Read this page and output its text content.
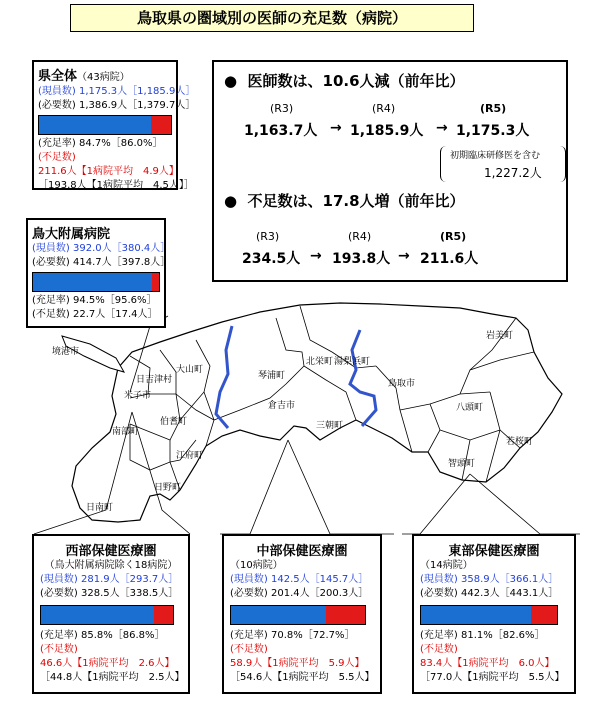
鳥取県の圏域別の医師の充足数（病院）
境港市
日吉津村
米子市
大山町
琴浦町
北栄町 湯梨浜町
鳥取市
岩美町
南部町
伯耆町
倉吉市
三朝町
八頭町
若桜町
江府町
智頭町
日野町
日南町
県全体（43病院）
(現員数) 1,175.3人［1,185.9人］
(必要数) 1,386.9人［1,379.7人］
(充足率) 84.7%［86.0%］
(不足数)
211.6人【1病院平均　4.9人】
［193.8人【1病院平均　4.5人】］
鳥大附属病院
(現員数) 392.0人［380.4人］
(必要数) 414.7人［397.8人］
(充足率) 94.5%［95.6%］
(不足数) 22.7人［17.4人］
● 医師数は、10.6人減（前年比）
(R3)	(R4)	(R5)
1,163.7人 → 1,185.9人 → 1,175.3人
初期臨床研修医を含む
1,227.2人
● 不足数は、17.8人増（前年比）
(R3)	(R4)	(R5)
234.5人 → 193.8人 → 211.6人
西部保健医療圏
（鳥大附属病院除く18病院）
(現員数) 281.9人［293.7人］
(必要数) 328.5人［338.5人］
(充足率) 85.8%［86.8%］
(不足数)
46.6人【1病院平均　2.6人】
［44.8人【1病院平均　2.5人】
中部保健医療圏
（10病院）
(現員数) 142.5人［145.7人］
(必要数) 201.4人［200.3人］
(充足率) 70.8%［72.7%］
(不足数)
58.9人【1病院平均　5.9人】
［54.6人【1病院平均　5.5人】
東部保健医療圏
（14病院）
(現員数) 358.9人［366.1人］
(必要数) 442.3人［443.1人］
(充足率) 81.1%［82.6%］
(不足数)
83.4人【1病院平均　6.0人】
［77.0人【1病院平均　5.5人】
